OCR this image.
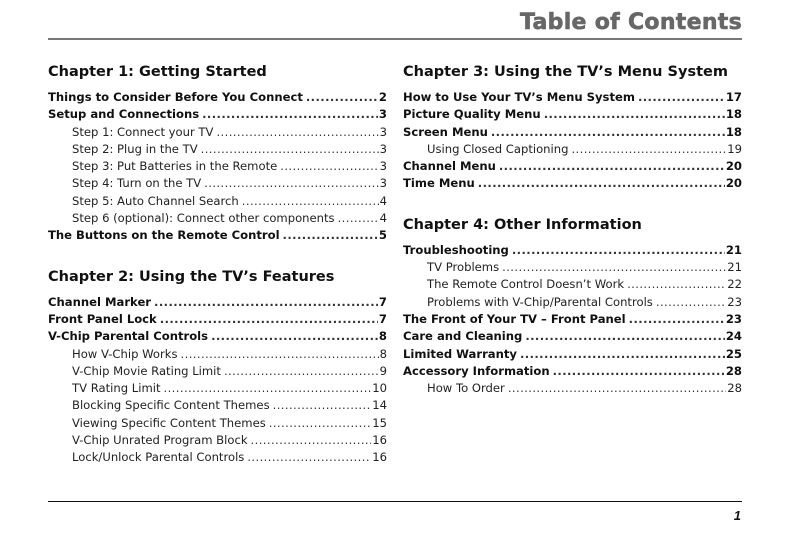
Table of Contents
Chapter 1: Getting Started
Things to Consider Before You Connect .....	2
Setup and Connections .....	3
Step 1: Connect your TV .....	3
Step 2: Plug in the TV .....	3
Step 3: Put Batteries in the Remote .....	3
Step 4: Turn on the TV .....	3
Step 5: Auto Channel Search .....	4
Step 6 (optional): Connect other components .....	4
The Buttons on the Remote Control .....	5
Chapter 2: Using the TV’s Features
Channel Marker .....	7
Front Panel Lock .....	7
V-Chip Parental Controls .....	8
How V-Chip Works .....	8
V-Chip Movie Rating Limit .....	9
TV Rating Limit .....	10
Blocking Specific Content Themes .....	14
Viewing Specific Content Themes .....	15
V-Chip Unrated Program Block .....	16
Lock/Unlock Parental Controls .....	16
Chapter 3: Using the TV’s Menu System
How to Use Your TV’s Menu System .....	17
Picture Quality Menu .....	18
Screen Menu .....	18
Using Closed Captioning .....	19
Channel Menu .....	20
Time Menu .....	20
Chapter 4: Other Information
Troubleshooting .....	21
TV Problems .....	21
The Remote Control Doesn’t Work .....	22
Problems with V-Chip/Parental Controls .....	23
The Front of Your TV – Front Panel .....	23
Care and Cleaning .....	24
Limited Warranty .....	25
Accessory Information .....	28
How To Order .....	28
1
